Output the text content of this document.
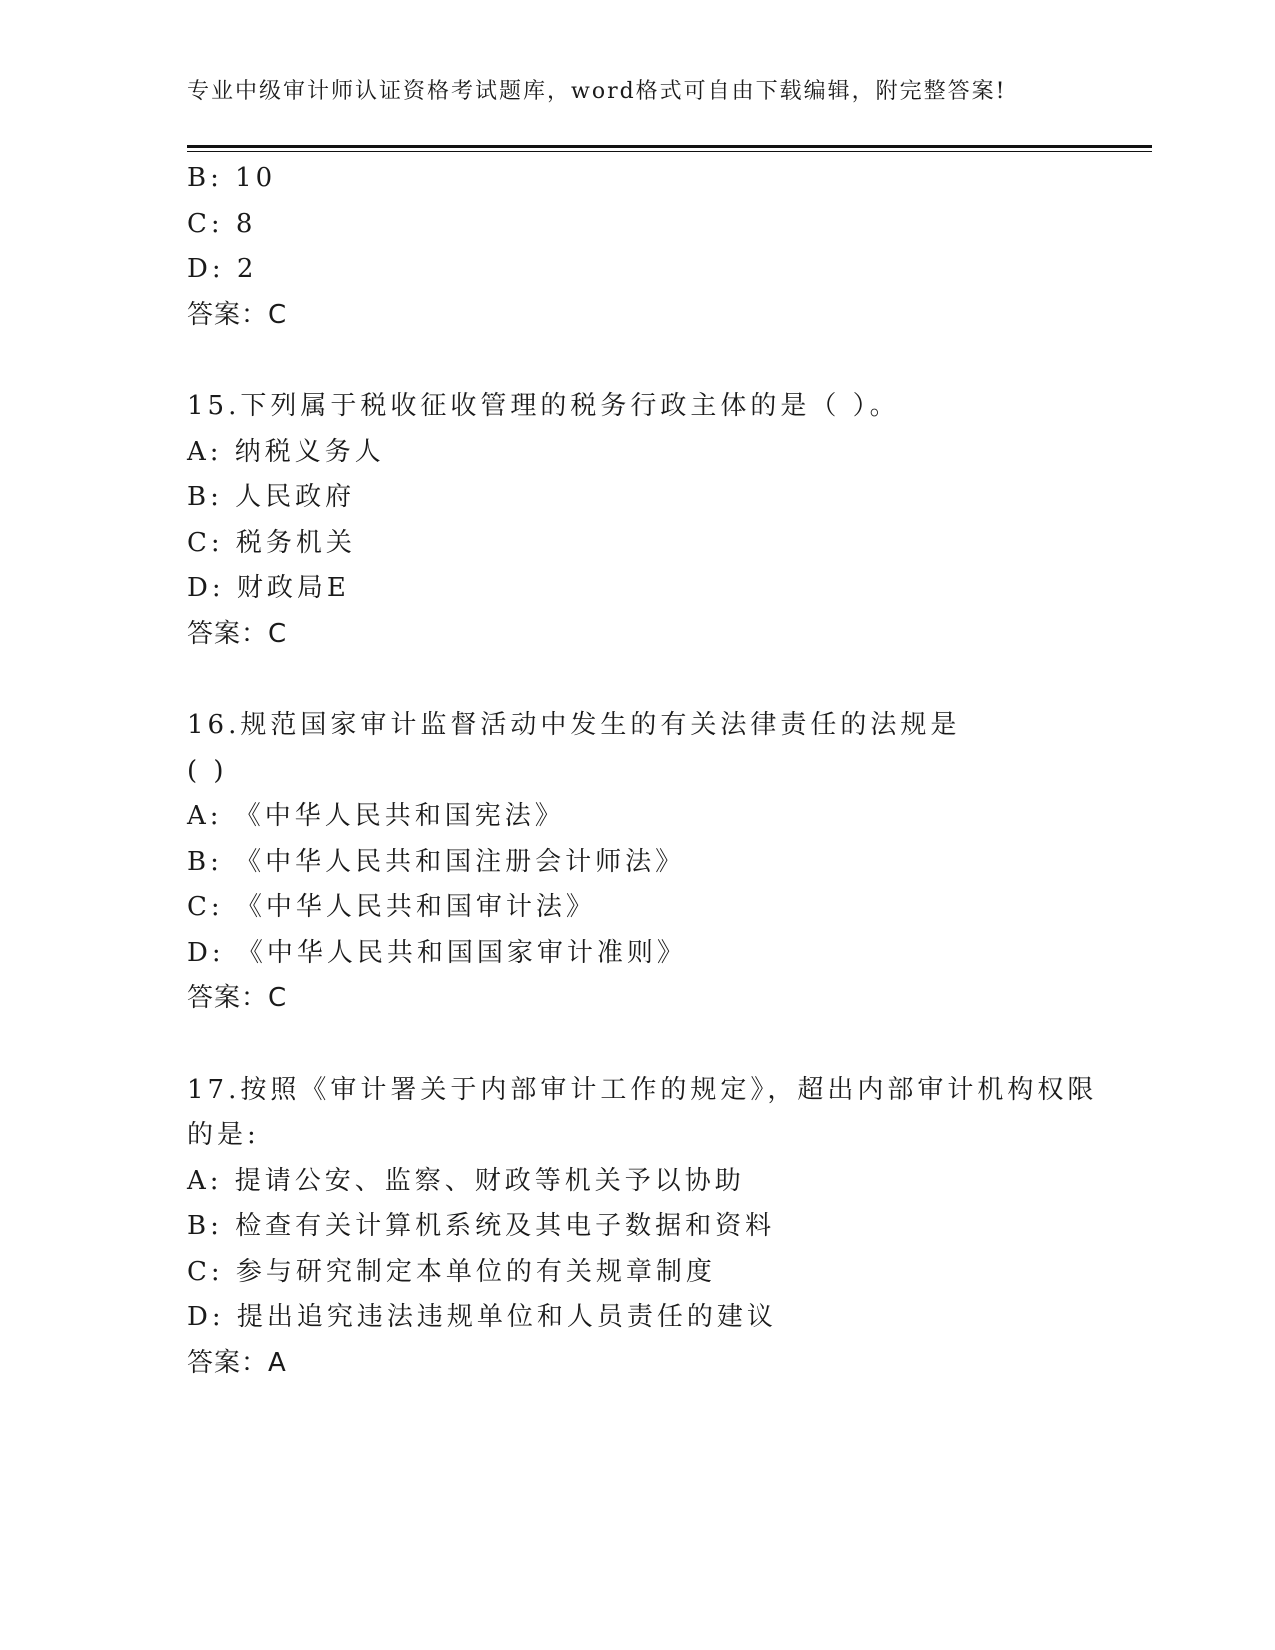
专业中级审计师认证资格考试题库，word格式可自由下载编辑，附完整答案!
B: 10
C: 8
D: 2
答案：C
15.下列属于税收征收管理的税务行政主体的是（ ）。
A: 纳税义务人
B: 人民政府
C: 税务机关
D: 财政局E
答案：C
16.规范国家审计监督活动中发生的有关法律责任的法规是
( )
A: 《中华人民共和国宪法》
B: 《中华人民共和国注册会计师法》
C: 《中华人民共和国审计法》
D: 《中华人民共和国国家审计准则》
答案：C
17.按照《审计署关于内部审计工作的规定》，超出内部审计机构权限
的是:
A: 提请公安、监察、财政等机关予以协助
B: 检查有关计算机系统及其电子数据和资料
C: 参与研究制定本单位的有关规章制度
D: 提出追究违法违规单位和人员责任的建议
答案：A
